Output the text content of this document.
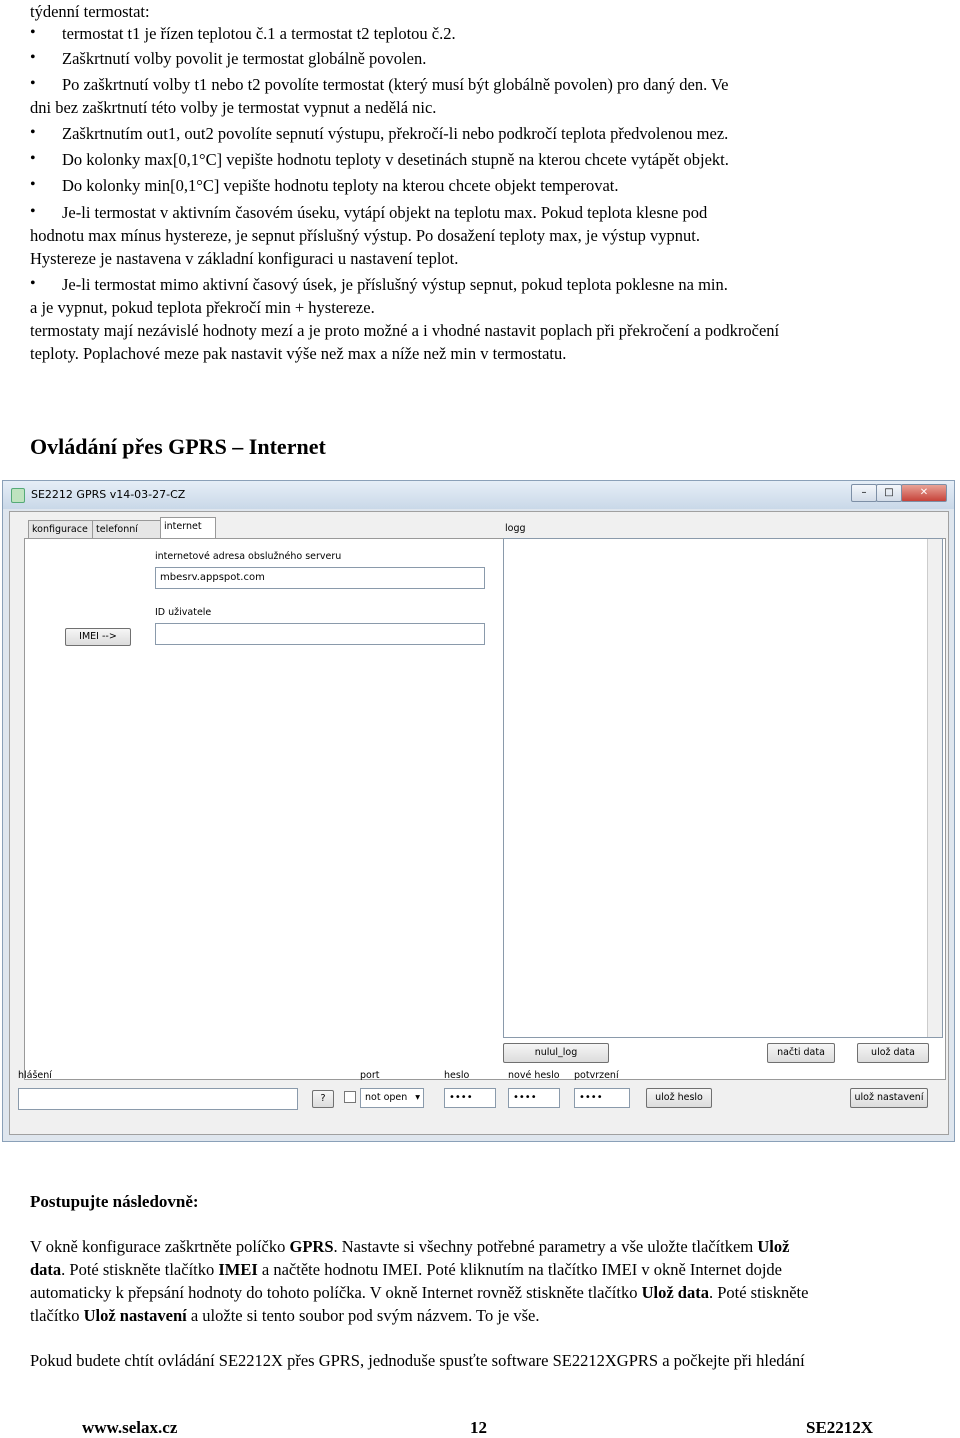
týdenní termostat:
• termostat t1 je řízen teplotou č.1 a termostat t2 teplotou č.2.
• Zaškrtnutí volby povolit je termostat globálně povolen.
• Po zaškrtnutí volby t1 nebo t2 povolíte termostat (který musí být globálně povolen) pro daný den. Ve
dni bez zaškrtnutí této volby je termostat vypnut a nedělá nic.
• Zaškrtnutím out1, out2 povolíte sepnutí výstupu, překročí-li nebo podkročí teplota předvolenou mez.
• Do kolonky max[0,1°C] vepište hodnotu teploty v desetinách stupně na kterou chcete vytápět objekt.
• Do kolonky min[0,1°C] vepište hodnotu teploty na kterou chcete objekt temperovat.
• Je-li termostat v aktivním časovém úseku, vytápí objekt na teplotu max. Pokud teplota klesne pod
hodnotu max mínus hystereze, je sepnut příslušný výstup. Po dosažení teploty max, je výstup vypnut.
Hystereze je nastavena v základní konfiguraci u nastavení teplot.
• Je-li termostat mimo aktivní časový úsek, je příslušný výstup sepnut, pokud teplota poklesne na min.
a je vypnut, pokud teplota překročí min + hystereze.
termostaty mají nezávislé hodnoty mezí a je proto možné a i vhodné nastavit poplach při překročení a podkročení
teploty. Poplachové meze pak nastavit výše než max a níže než min v termostatu.
Ovládání přes GPRS – Internet
SE2212 GPRS v14-03-27-CZ	–	□	✕
konfigurace telefonní	internet
internetové adresa obslužného serveru
mbesrv.appspot.com
ID uživatele
IMEI -->
logg
nulul_log	načti data	ulož data
hlášení
?
port
not open ▾
heslo
••••
nové heslo
••••
potvrzení
••••	ulož heslo	ulož nastavení
Postupujte následovně:
V okně konfigurace zaškrtněte políčko GPRS. Nastavte si všechny potřebné parametry a vše uložte tlačítkem Ulož
data. Poté stiskněte tlačítko IMEI a načtěte hodnotu IMEI. Poté kliknutím na tlačítko IMEI v okně Internet dojde
automaticky k přepsání hodnoty do tohoto políčka. V okně Internet rovněž stiskněte tlačítko Ulož data. Poté stiskněte
tlačítko Ulož nastavení a uložte si tento soubor pod svým názvem. To je vše.
Pokud budete chtít ovládání SE2212X přes GPRS, jednoduše spusťte software SE2212XGPRS a počkejte při hledání
www.selax.cz	12	SE2212X
